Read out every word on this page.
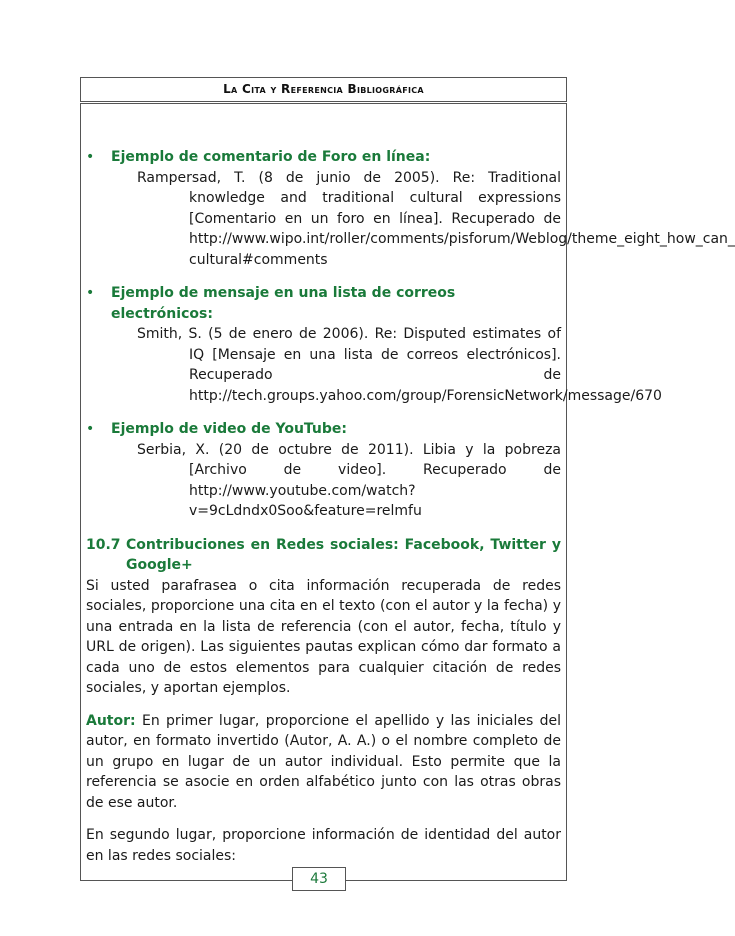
La Cita y Referencia Bibliográfica
• Ejemplo de comentario de Foro en línea:
Rampersad, T. (8 de junio de 2005). Re: Traditional knowledge and traditional cultural expressions [Comentario en un foro en línea]. Recuperado de http://www.wipo.int/roller/comments/pisforum/Weblog/theme_eight_how_can_ cultural#comments
• Ejemplo de mensaje en una lista de correos electrónicos:
Smith, S. (5 de enero de 2006). Re: Disputed estimates of IQ [Mensaje en una lista de correos electrónicos]. Recuperado de http://tech.groups.yahoo.com/group/ForensicNetwork/message/670
• Ejemplo de video de YouTube:
Serbia, X. (20 de octubre de 2011). Libia y la pobreza [Archivo de video]. Recuperado de http://www.youtube.com/watch?v=9cLdndx0Soo&feature=relmfu
10.7 Contribuciones en Redes sociales: Facebook, Twitter y Google+

Si usted parafrasea o cita información recuperada de redes sociales, proporcione una cita en el texto (con el autor y la fecha) y una entrada en la lista de referencia (con el autor, fecha, título y URL de origen). Las siguientes pautas explican cómo dar formato a cada uno de estos elementos para cualquier citación de redes sociales, y aportan ejemplos.

Autor: En primer lugar, proporcione el apellido y las iniciales del autor, en formato invertido (Autor, A. A.) o el nombre completo de un grupo en lugar de un autor individual. Esto permite que la referencia se asocie en orden alfabético junto con las otras obras de ese autor.

En segundo lugar, proporcione información de identidad del autor en las redes sociales:

43
